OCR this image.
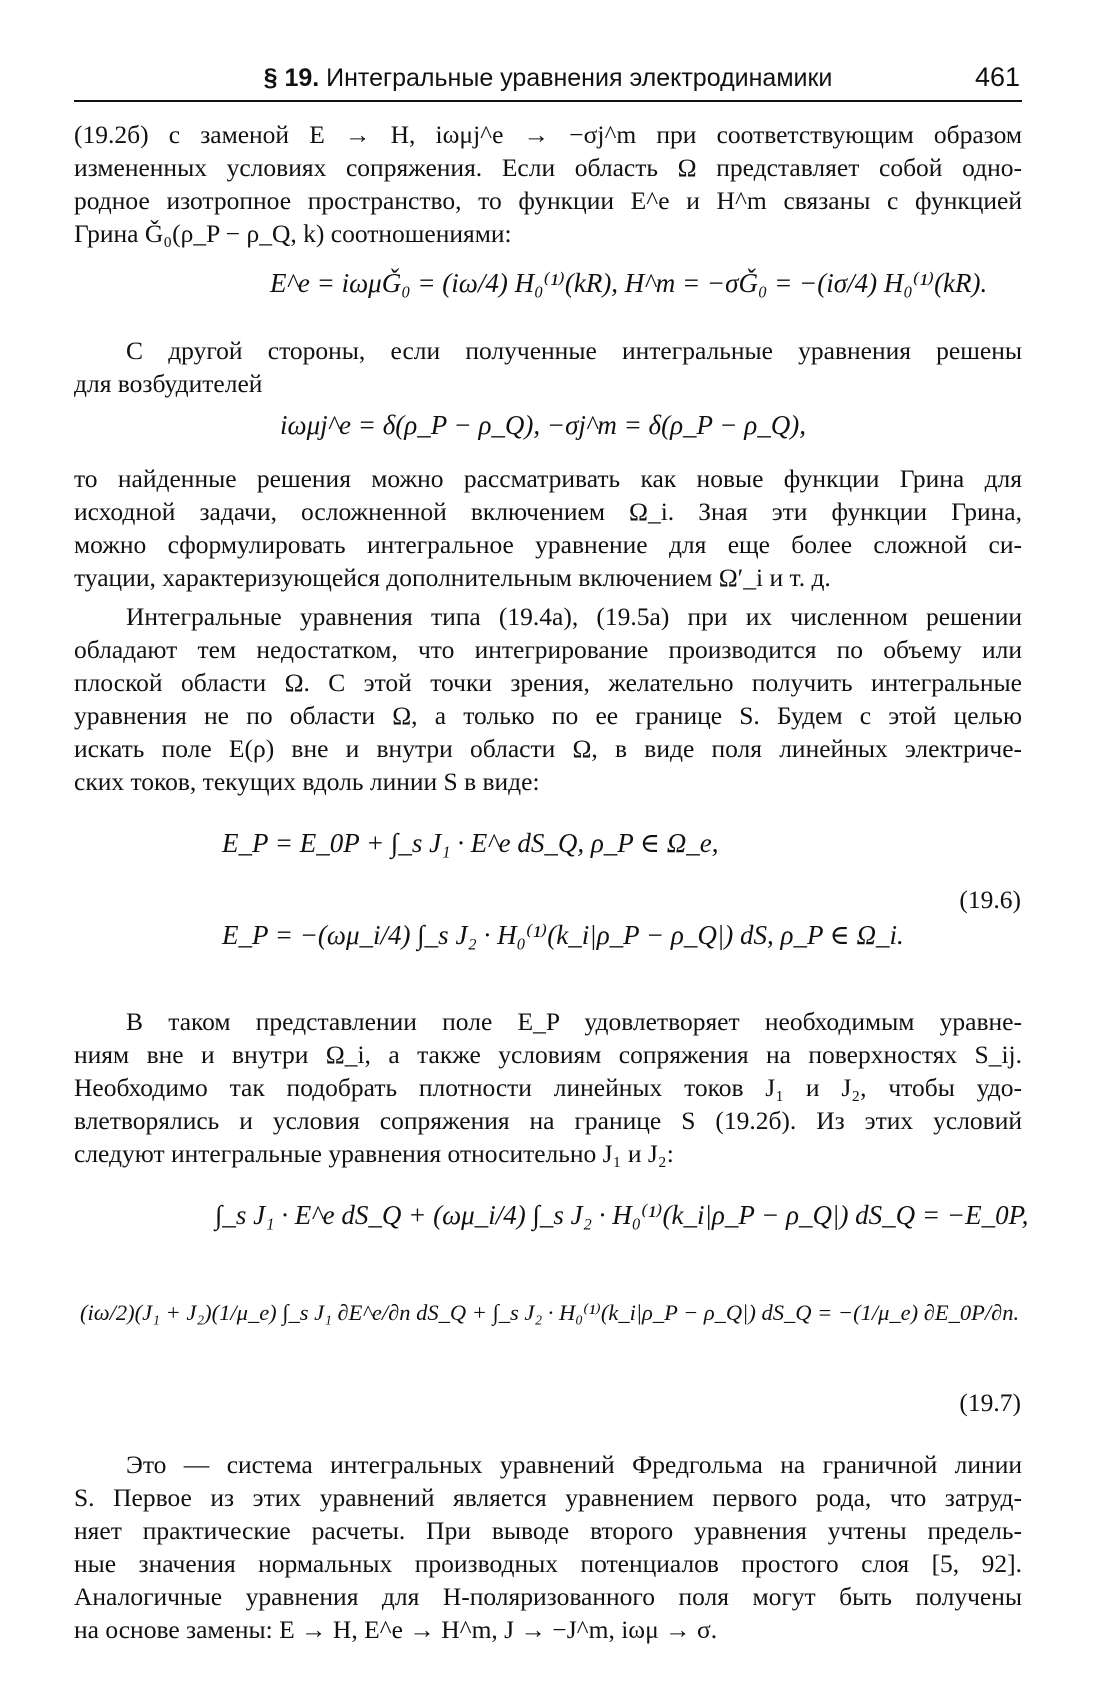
§ 19. Интегральные уравнения электродинамики	461
(19.2б) с заменой E → H, iωμj^e → −σj^m при соответствующим образом
измененных условиях сопряжения. Если область Ω представляет собой одно-
родное изотропное пространство, то функции E^e и H^m связаны с функцией
Грина Ǧ₀(ρ_P − ρ_Q, k) соотношениями:
E^e = iωμǦ₀ = (iω/4) H₀⁽¹⁾(kR), H^m = −σǦ₀ = −(iσ/4) H₀⁽¹⁾(kR).
С другой стороны, если полученные интегральные уравнения решены
для возбудителей
iωμj^e = δ(ρ_P − ρ_Q), −σj^m = δ(ρ_P − ρ_Q),
то найденные решения можно рассматривать как новые функции Грина для
исходной задачи, осложненной включением Ω_i. Зная эти функции Грина,
можно сформулировать интегральное уравнение для еще более сложной си-
туации, характеризующейся дополнительным включением Ω′_i и т. д.
Интегральные уравнения типа (19.4а), (19.5а) при их численном решении
обладают тем недостатком, что интегрирование производится по объему или
плоской области Ω. С этой точки зрения, желательно получить интегральные
уравнения не по области Ω, а только по ее границе S. Будем с этой целью
искать поле E(ρ) вне и внутри области Ω, в виде поля линейных электриче-
ских токов, текущих вдоль линии S в виде:
E_P = E_0P + ∫_s J₁ · E^e dS_Q, ρ_P ∈ Ω_e,
E_P = −(ωμ_i/4) ∫_s J₂ · H₀⁽¹⁾(k_i|ρ_P − ρ_Q|) dS, ρ_P ∈ Ω_i.
(19.6)
В таком представлении поле E_P удовлетворяет необходимым уравне-
ниям вне и внутри Ω_i, а также условиям сопряжения на поверхностях S_ij.
Необходимо так подобрать плотности линейных токов J₁ и J₂, чтобы удо-
влетворялись и условия сопряжения на границе S (19.2б). Из этих условий
следуют интегральные уравнения относительно J₁ и J₂:
∫_s J₁ · E^e dS_Q + (ωμ_i/4) ∫_s J₂ · H₀⁽¹⁾(k_i|ρ_P − ρ_Q|) dS_Q = −E_0P,
(iω/2)(J₁ + J₂)(1/μ_e) ∫_s J₁ ∂E^e/∂n dS_Q + ∫_s J₂ · H₀⁽¹⁾(k_i|ρ_P − ρ_Q|) dS_Q = −(1/μ_e) ∂E_0P/∂n.
(19.7)
Это — система интегральных уравнений Фредгольма на граничной линии
S. Первое из этих уравнений является уравнением первого рода, что затруд-
няет практические расчеты. При выводе второго уравнения учтены предель-
ные значения нормальных производных потенциалов простого слоя [5, 92].
Аналогичные уравнения для H-поляризованного поля могут быть получены
на основе замены: E → H, E^e → H^m, J → −J^m, iωμ → σ.
